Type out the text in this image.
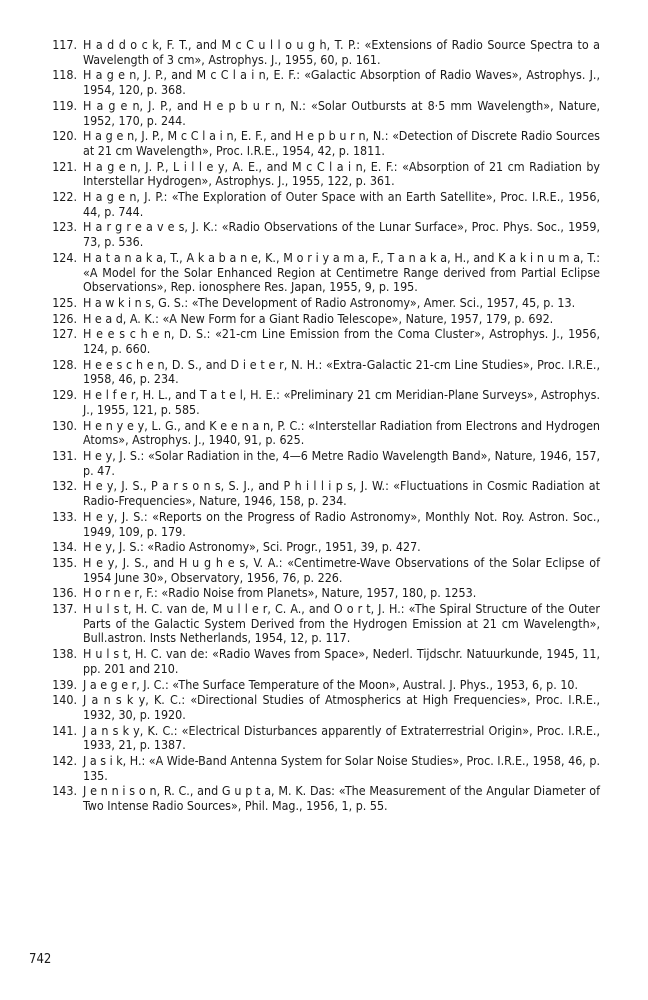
117. H a d d o c k, F. T., and M c C u l l o u g h, T. P.: «Extensions of Radio Source Spectra to a Wavelength of 3 cm», Astrophys. J., 1955, 60, p. 161.
118. H a g e n, J. P., and M c C l a i n, E. F.: «Galactic Absorption of Radio Waves», Astrophys. J., 1954, 120, p. 368.
119. H a g e n, J. P., and H e p b u r n, N.: «Solar Outbursts at 8·5 mm Wavelength», Nature, 1952, 170, p. 244.
120. H a g e n, J. P., M c C l a i n, E. F., and H e p b u r n, N.: «Detection of Discrete Radio Sources at 21 cm Wavelength», Proc. I.R.E., 1954, 42, p. 1811.
121. H a g e n, J. P., L i l l e y, A. E., and M c C l a i n, E. F.: «Absorption of 21 cm Radiation by Interstellar Hydrogen», Astrophys. J., 1955, 122, p. 361.
122. H a g e n, J. P.: «The Exploration of Outer Space with an Earth Satellite», Proc. I.R.E., 1956, 44, p. 744.
123. H a r g r e a v e s, J. K.: «Radio Observations of the Lunar Surface», Proc. Phys. Soc., 1959, 73, p. 536.
124. H a t a n a k a, T., A k a b a n e, K., M o r i y a m a, F., T a n a k a, H., and K a k i n u m a, T.: «A Model for the Solar Enhanced Region at Centimetre Range derived from Partial Eclipse Observations», Rep. ionosphere Res. Japan, 1955, 9, p. 195.
125. H a w k i n s, G. S.: «The Development of Radio Astronomy», Amer. Sci., 1957, 45, p. 13.
126. H e a d, A. K.: «A New Form for a Giant Radio Telescope», Nature, 1957, 179, p. 692.
127. H e e s c h e n, D. S.: «21-cm Line Emission from the Coma Cluster», Astrophys. J., 1956, 124, p. 660.
128. H e e s c h e n, D. S., and D i e t e r, N. H.: «Extra-Galactic 21-cm Line Studies», Proc. I.R.E., 1958, 46, p. 234.
129. H e l f e r, H. L., and T a t e l, H. E.: «Preliminary 21 cm Meridian-Plane Surveys», Astrophys. J., 1955, 121, p. 585.
130. H e n y e y, L. G., and K e e n a n, P. C.: «Interstellar Radiation from Electrons and Hydrogen Atoms», Astrophys. J., 1940, 91, p. 625.
131. H e y, J. S.: «Solar Radiation in the, 4—6 Metre Radio Wavelength Band», Nature, 1946, 157, p. 47.
132. H e y, J. S., P a r s o n s, S. J., and P h i l l i p s, J. W.: «Fluctuations in Cosmic Radiation at Radio-Frequencies», Nature, 1946, 158, p. 234.
133. H e y, J. S.: «Reports on the Progress of Radio Astronomy», Monthly Not. Roy. Astron. Soc., 1949, 109, p. 179.
134. H e y, J. S.: «Radio Astronomy», Sci. Progr., 1951, 39, p. 427.
135. H e y, J. S., and H u g h e s, V. A.: «Centimetre-Wave Observations of the Solar Eclipse of 1954 June 30», Observatory, 1956, 76, p. 226.
136. H o r n e r, F.: «Radio Noise from Planets», Nature, 1957, 180, p. 1253.
137. H u l s t, H. C. van de, M u l l e r, C. A., and O o r t, J. H.: «The Spiral Structure of the Outer Parts of the Galactic System Derived from the Hydrogen Emission at 21 cm Wavelength», Bull.astron. Insts Netherlands, 1954, 12, p. 117.
138. H u l s t, H. C. van de: «Radio Waves from Space», Nederl. Tijdschr. Natuurkunde, 1945, 11, pp. 201 and 210.
139. J a e g e r, J. C.: «The Surface Temperature of the Moon», Austral. J. Phys., 1953, 6, p. 10.
140. J a n s k y, K. C.: «Directional Studies of Atmospherics at High Frequencies», Proc. I.R.E., 1932, 30, p. 1920.
141. J a n s k y, K. C.: «Electrical Disturbances apparently of Extraterrestrial Origin», Proc. I.R.E., 1933, 21, p. 1387.
142. J a s i k, H.: «A Wide-Band Antenna System for Solar Noise Studies», Proc. I.R.E., 1958, 46, p. 135.
143. J e n n i s o n, R. C., and G u p t a, M. K. Das: «The Measurement of the Angular Diameter of Two Intense Radio Sources», Phil. Mag., 1956, 1, p. 55.
742
